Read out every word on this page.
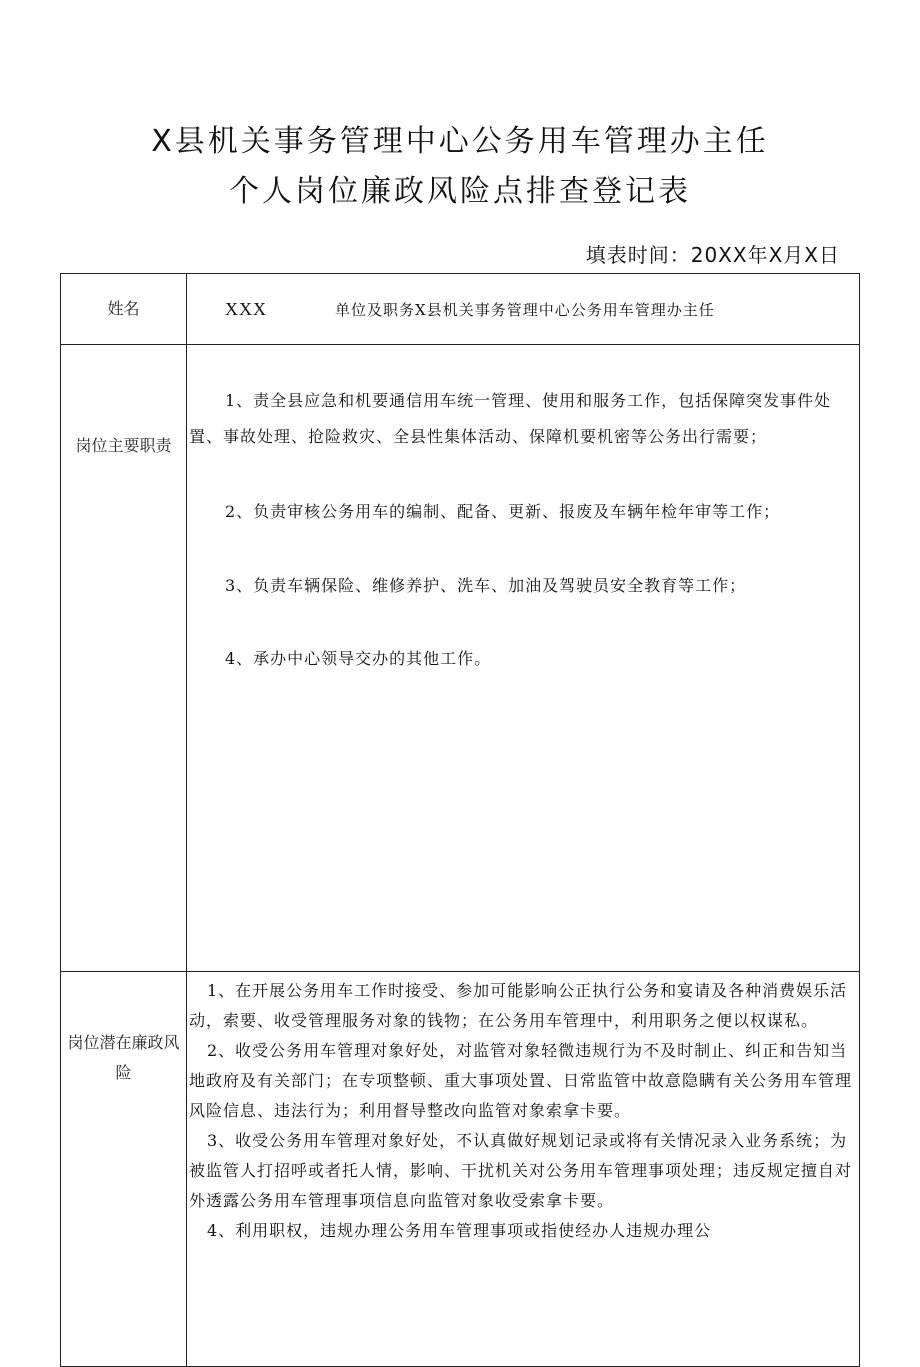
X县机关事务管理中心公务用车管理办主任
个人岗位廉政风险点排查登记表
填表时间：20XX年X月X日
姓名	XXX 单位及职务 X县机关事务管理中心公务用车管理办主任

岗位主要职责	1、责全县应急和机要通信用车统一管理、使用和服务工作，包括保障突发事件处置、事故处理、抢险救灾、全县性集体活动、保障机要机密等公务出行需要；

2、负责审核公务用车的编制、配备、更新、报废及车辆年检年审等工作；

3、负责车辆保险、维修养护、洗车、加油及驾驶员安全教育等工作；

4、承办中心领导交办的其他工作。

岗位潜在廉政风险	1、在开展公务用车工作时接受、参加可能影响公正执行公务和宴请及各种消费娱乐活动，索要、收受管理服务对象的钱物；在公务用车管理中，利用职务之便以权谋私。

2、收受公务用车管理对象好处，对监管对象轻微违规行为不及时制止、纠正和告知当地政府及有关部门；在专项整顿、重大事项处置、日常监管中故意隐瞒有关公务用车管理风险信息、违法行为；利用督导整改向监管对象索拿卡要。

3、收受公务用车管理对象好处，不认真做好规划记录或将有关情况录入业务系统；为被监管人打招呼或者托人情，影响、干扰机关对公务用车管理事项处理；违反规定擅自对外透露公务用车管理事项信息向监管对象收受索拿卡要。

4、利用职权，违规办理公务用车管理事项或指使经办人违规办理公
